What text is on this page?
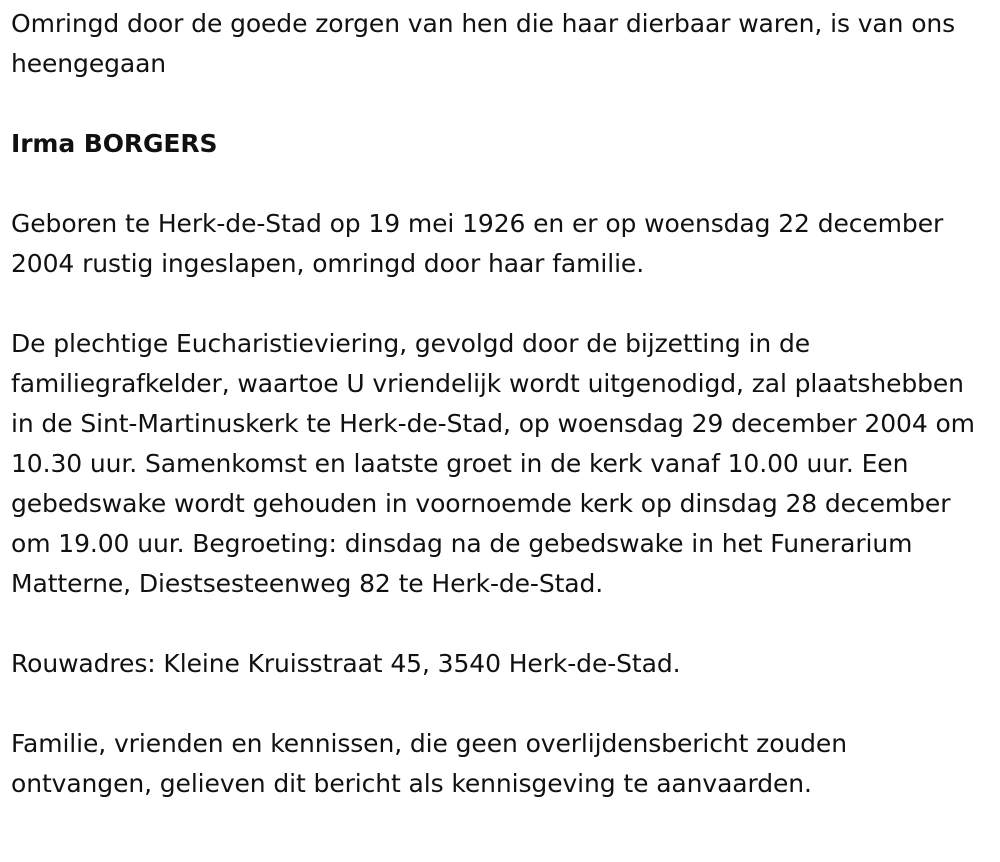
Omringd door de goede zorgen van hen die haar dierbaar waren, is van ons heengegaan

Irma BORGERS

Geboren te Herk-de-Stad op 19 mei 1926 en er op woensdag 22 december 2004 rustig ingeslapen, omringd door haar familie.

De plechtige Eucharistieviering, gevolgd door de bijzetting in de familiegrafkelder, waartoe U vriendelijk wordt uitgenodigd, zal plaatshebben in de Sint-Martinuskerk te Herk-de-Stad, op woensdag 29 december 2004 om 10.30 uur. Samenkomst en laatste groet in de kerk vanaf 10.00 uur. Een gebedswake wordt gehouden in voornoemde kerk op dinsdag 28 december om 19.00 uur. Begroeting: dinsdag na de gebedswake in het Funerarium Matterne, Diestsesteenweg 82 te Herk-de-Stad.

Rouwadres: Kleine Kruisstraat 45, 3540 Herk-de-Stad.

Familie, vrienden en kennissen, die geen overlijdensbericht zouden ontvangen, gelieven dit bericht als kennisgeving te aanvaarden.
